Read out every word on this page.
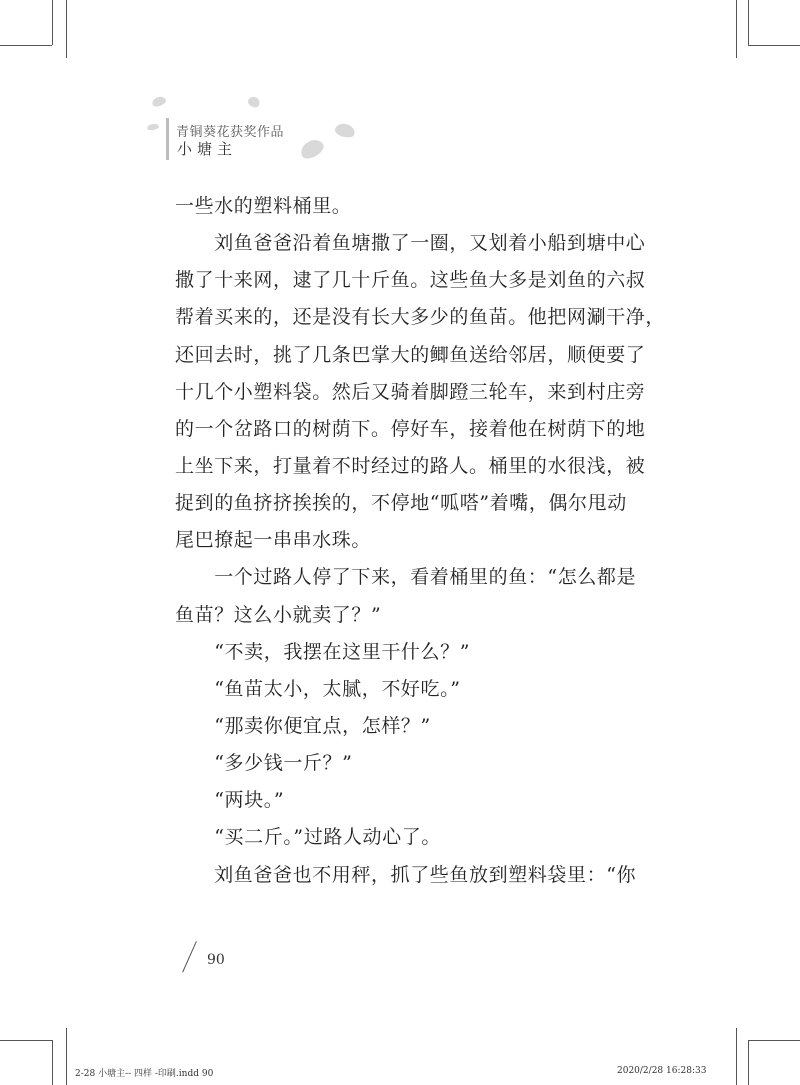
青铜葵花获奖作品
小塘主
一些水的塑料桶里。
　　刘鱼爸爸沿着鱼塘撒了一圈，又划着小船到塘中心
撒了十来网，逮了几十斤鱼。这些鱼大多是刘鱼的六叔
帮着买来的，还是没有长大多少的鱼苗。他把网涮干净，
还回去时，挑了几条巴掌大的鲫鱼送给邻居，顺便要了
十几个小塑料袋。然后又骑着脚蹬三轮车，来到村庄旁
的一个岔路口的树荫下。停好车，接着他在树荫下的地
上坐下来，打量着不时经过的路人。桶里的水很浅，被
捉到的鱼挤挤挨挨的，不停地“呱嗒”着嘴，偶尔甩动
尾巴撩起一串串水珠。
　　一个过路人停了下来，看着桶里的鱼：“怎么都是
鱼苗？这么小就卖了？”
　　“不卖，我摆在这里干什么？”
　　“鱼苗太小，太腻，不好吃。”
　　“那卖你便宜点，怎样？”
　　“多少钱一斤？”
　　“两块。”
　　“买二斤。”过路人动心了。
　　刘鱼爸爸也不用秤，抓了些鱼放到塑料袋里：“你
90
2-28 小塘主-- 四样 -印刷.indd 90	2020/2/28 16:28:33
